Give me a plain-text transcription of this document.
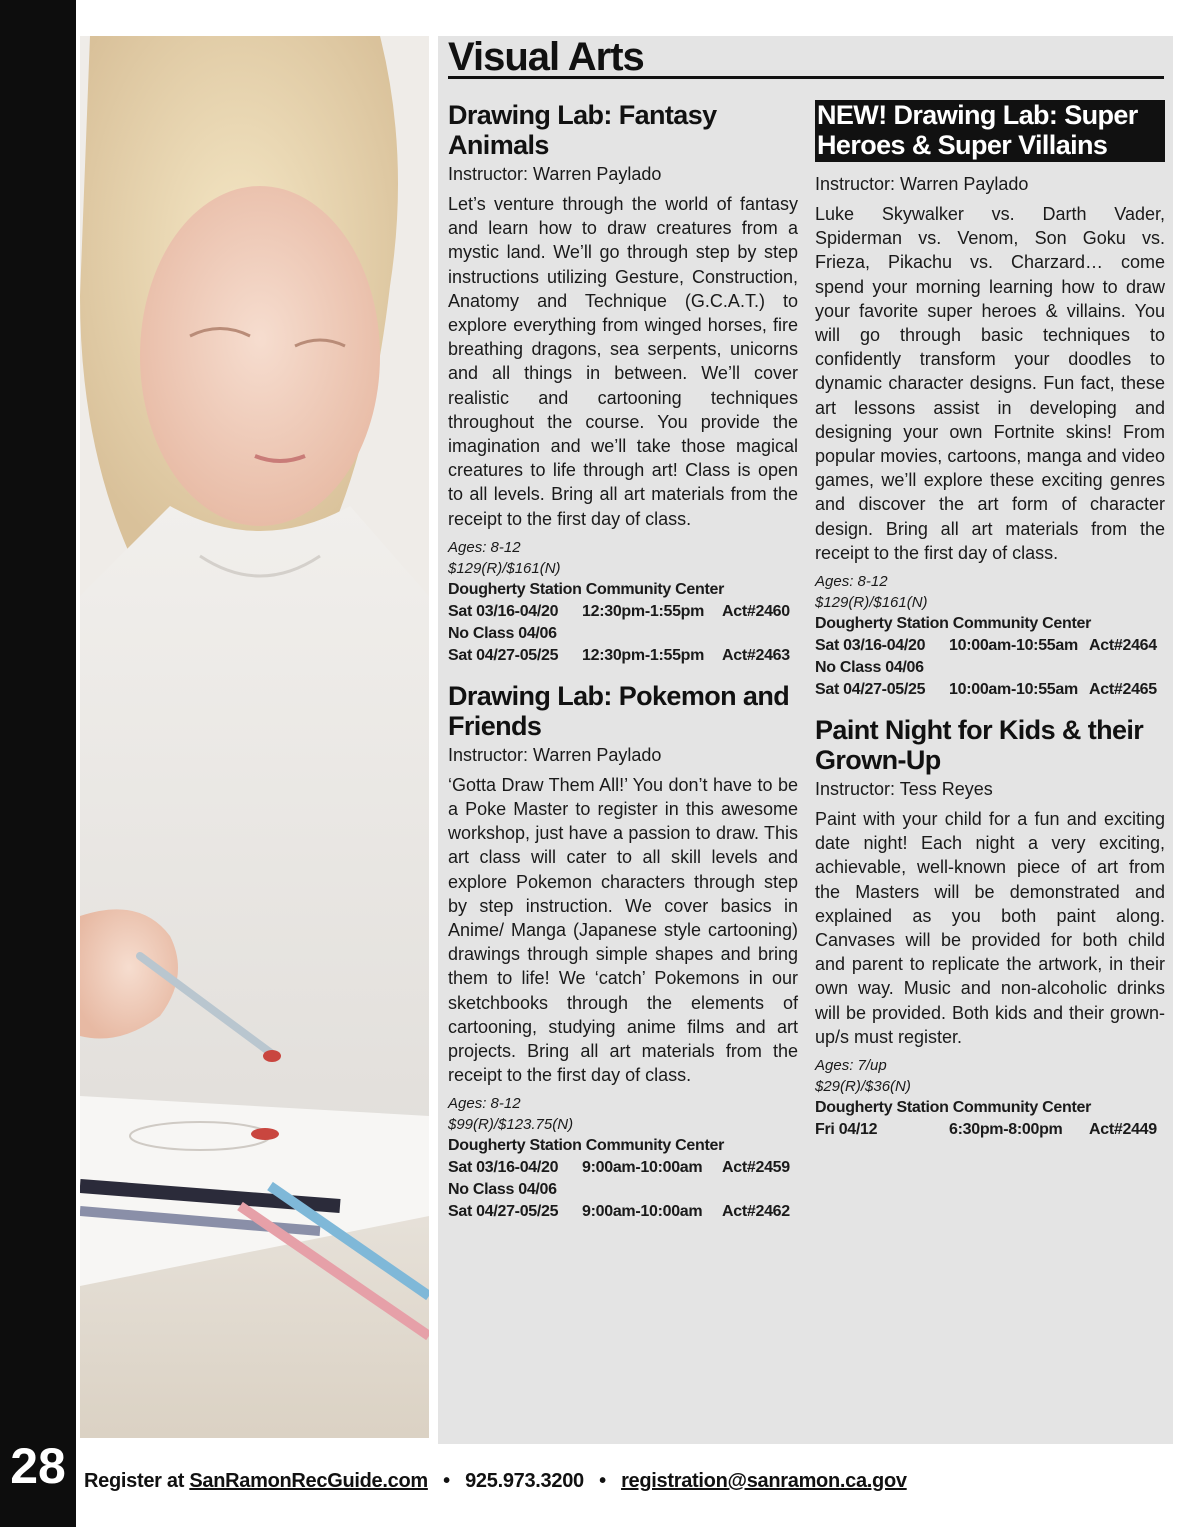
28
Visual Arts
Drawing Lab: Fantasy Animals
Instructor: Warren Paylado
Let’s venture through the world of fantasy and learn how to draw creatures from a mystic land. We’ll go through step by step instructions utilizing Gesture, Construction, Anatomy and Technique (G.C.A.T.) to explore everything from winged horses, fire breathing dragons, sea serpents, unicorns and all things in between. We’ll cover realistic and cartooning techniques throughout the course. You provide the imagination and we’ll take those magical creatures to life through art! Class is open to all levels. Bring all art materials from the receipt to the first day of class.
Ages: 8-12
$129(R)/$161(N)
Dougherty Station Community Center
Sat 03/16-04/20	12:30pm-1:55pm	Act#2460
No Class 04/06
Sat 04/27-05/25	12:30pm-1:55pm	Act#2463
Drawing Lab: Pokemon and Friends
Instructor: Warren Paylado
‘Gotta Draw Them All!’ You don’t have to be a Poke Master to register in this awesome workshop, just have a passion to draw. This art class will cater to all skill levels and explore Pokemon characters through step by step instruction. We cover basics in Anime/ Manga (Japanese style cartooning) drawings through simple shapes and bring them to life! We ‘catch’ Pokemons in our sketchbooks through the elements of cartooning, studying anime films and art projects. Bring all art materials from the receipt to the first day of class.
Ages: 8-12
$99(R)/$123.75(N)
Dougherty Station Community Center
Sat 03/16-04/20	9:00am-10:00am	Act#2459
No Class 04/06
Sat 04/27-05/25	9:00am-10:00am	Act#2462
NEW! Drawing Lab: Super Heroes & Super Villains
Instructor: Warren Paylado
Luke Skywalker vs. Darth Vader, Spiderman vs. Venom, Son Goku vs. Frieza, Pikachu vs. Charzard… come spend your morning learning how to draw your favorite super heroes & villains. You will go through basic techniques to confidently transform your doodles to dynamic character designs. Fun fact, these art lessons assist in developing and designing your own Fortnite skins! From popular movies, cartoons, manga and video games, we’ll explore these exciting genres and discover the art form of character design. Bring all art materials from the receipt to the first day of class.
Ages: 8-12
$129(R)/$161(N)
Dougherty Station Community Center
Sat 03/16-04/20	10:00am-10:55am Act#2464
No Class 04/06
Sat 04/27-05/25	10:00am-10:55am Act#2465
Paint Night for Kids & their Grown-Up
Instructor: Tess Reyes
Paint with your child for a fun and exciting date night! Each night a very exciting, achievable, well-known piece of art from the Masters will be demonstrated and explained as you both paint along. Canvases will be provided for both child and parent to replicate the artwork, in their own way. Music and non-alcoholic drinks will be provided. Both kids and their grown-up/s must register.
Ages: 7/up
$29(R)/$36(N)
Dougherty Station Community Center
Fri 04/12	6:30pm-8:00pm	Act#2449
Register at SanRamonRecGuide.com • 925.973.3200 • registration@sanramon.ca.gov
